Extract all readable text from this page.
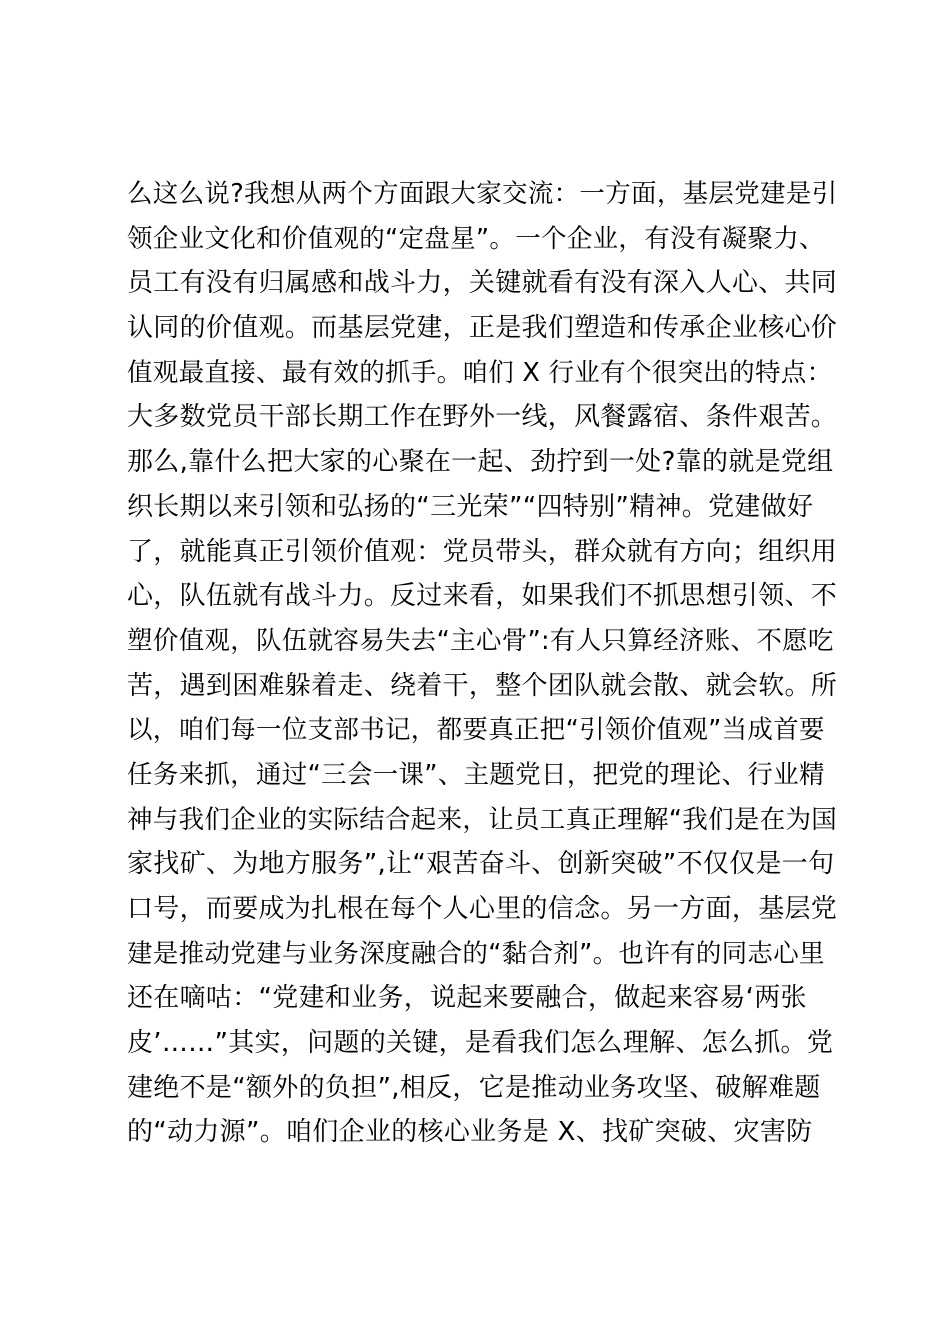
么这么说?我想从两个方面跟大家交流：一方面，基层党建是引
领企业文化和价值观的“定盘星”。一个企业，有没有凝聚力、
员工有没有归属感和战斗力，关键就看有没有深入人心、共同
认同的价值观。而基层党建，正是我们塑造和传承企业核心价
值观最直接、最有效的抓手。咱们 X 行业有个很突出的特点：
大多数党员干部长期工作在野外一线，风餐露宿、条件艰苦。
那么,靠什么把大家的心聚在一起、劲拧到一处?靠的就是党组
织长期以来引领和弘扬的“三光荣”“四特别”精神。党建做好
了，就能真正引领价值观：党员带头，群众就有方向；组织用
心，队伍就有战斗力。反过来看，如果我们不抓思想引领、不
塑价值观，队伍就容易失去“主心骨”:有人只算经济账、不愿吃
苦，遇到困难躲着走、绕着干，整个团队就会散、就会软。所
以，咱们每一位支部书记，都要真正把“引领价值观”当成首要
任务来抓，通过“三会一课”、主题党日，把党的理论、行业精
神与我们企业的实际结合起来，让员工真正理解“我们是在为国
家找矿、为地方服务”,让“艰苦奋斗、创新突破”不仅仅是一句
口号，而要成为扎根在每个人心里的信念。另一方面，基层党
建是推动党建与业务深度融合的“黏合剂”。也许有的同志心里
还在嘀咕：“党建和业务，说起来要融合，做起来容易‘两张
皮’……”其实，问题的关键，是看我们怎么理解、怎么抓。党
建绝不是“额外的负担”,相反，它是推动业务攻坚、破解难题
的“动力源”。咱们企业的核心业务是 X、找矿突破、灾害防
